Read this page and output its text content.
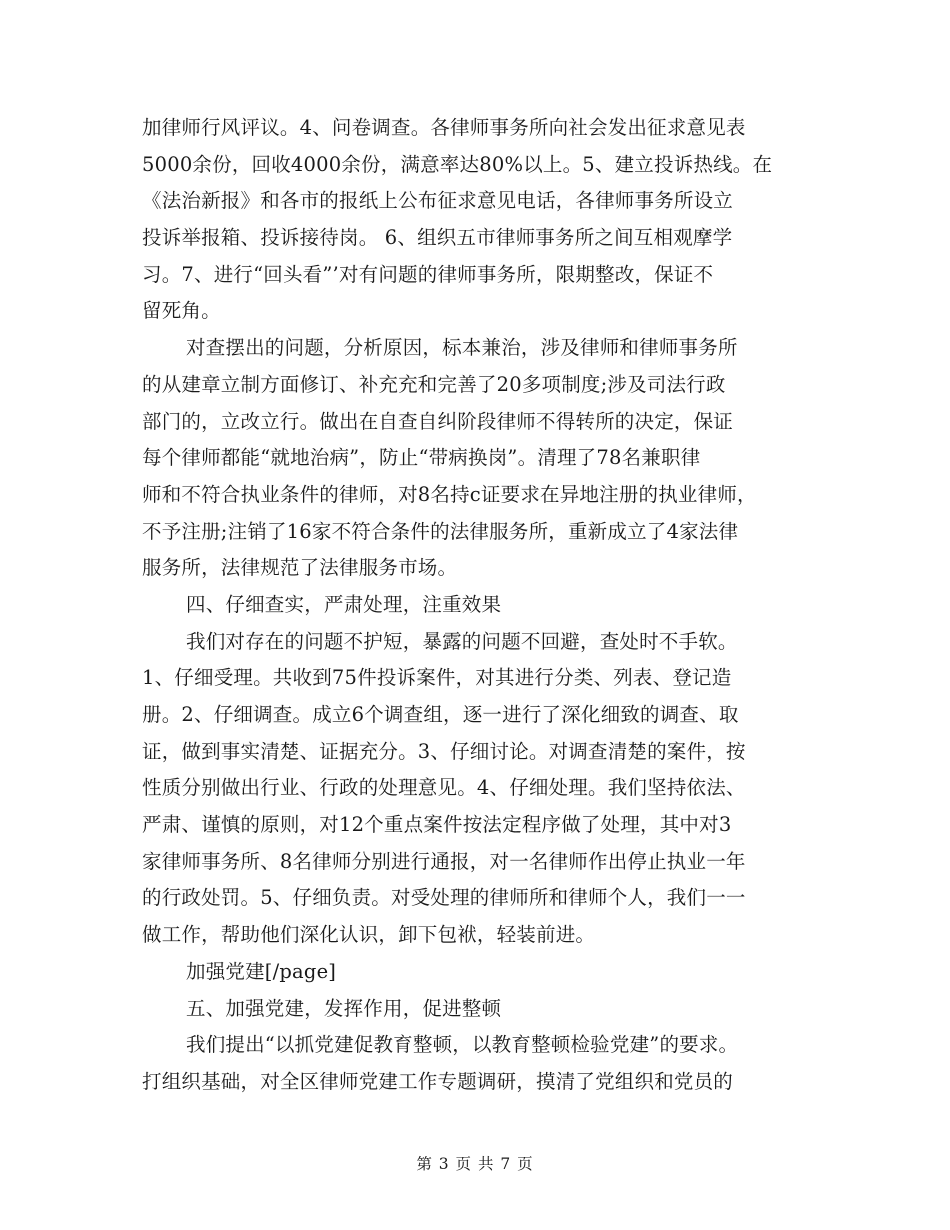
加律师行风评议。4、问卷调查。各律师事务所向社会发出征求意见表
5000余份，回收4000余份，满意率达80%以上。5、建立投诉热线。在
《法治新报》和各市的报纸上公布征求意见电话，各律师事务所设立
投诉举报箱、投诉接待岗。 6、组织五市律师事务所之间互相观摩学
习。7、进行“回头看”’对有问题的律师事务所，限期整改，保证不
留死角。
对查摆出的问题，分析原因，标本兼治，涉及律师和律师事务所
的从建章立制方面修订、补充充和完善了20多项制度;涉及司法行政
部门的，立改立行。做出在自查自纠阶段律师不得转所的决定，保证
每个律师都能“就地治病”，防止“带病换岗”。清理了78名兼职律
师和不符合执业条件的律师，对8名持c证要求在异地注册的执业律师，
不予注册;注销了16家不符合条件的法律服务所，重新成立了4家法律
服务所，法律规范了法律服务市场。
四、仔细查实，严肃处理，注重效果
我们对存在的问题不护短，暴露的问题不回避，查处时不手软。
1、仔细受理。共收到75件投诉案件，对其进行分类、列表、登记造
册。2、仔细调查。成立6个调查组，逐一进行了深化细致的调查、取
证，做到事实清楚、证据充分。3、仔细讨论。对调查清楚的案件，按
性质分别做出行业、行政的处理意见。4、仔细处理。我们坚持依法、
严肃、谨慎的原则，对12个重点案件按法定程序做了处理，其中对3
家律师事务所、8名律师分别进行通报，对一名律师作出停止执业一年
的行政处罚。5、仔细负责。对受处理的律师所和律师个人，我们一一
做工作，帮助他们深化认识，卸下包袱，轻装前进。
加强党建[/page]
五、加强党建，发挥作用，促进整顿
我们提出“以抓党建促教育整顿，以教育整顿检验党建”的要求。
打组织基础，对全区律师党建工作专题调研，摸清了党组织和党员的
第 3 页 共 7 页
